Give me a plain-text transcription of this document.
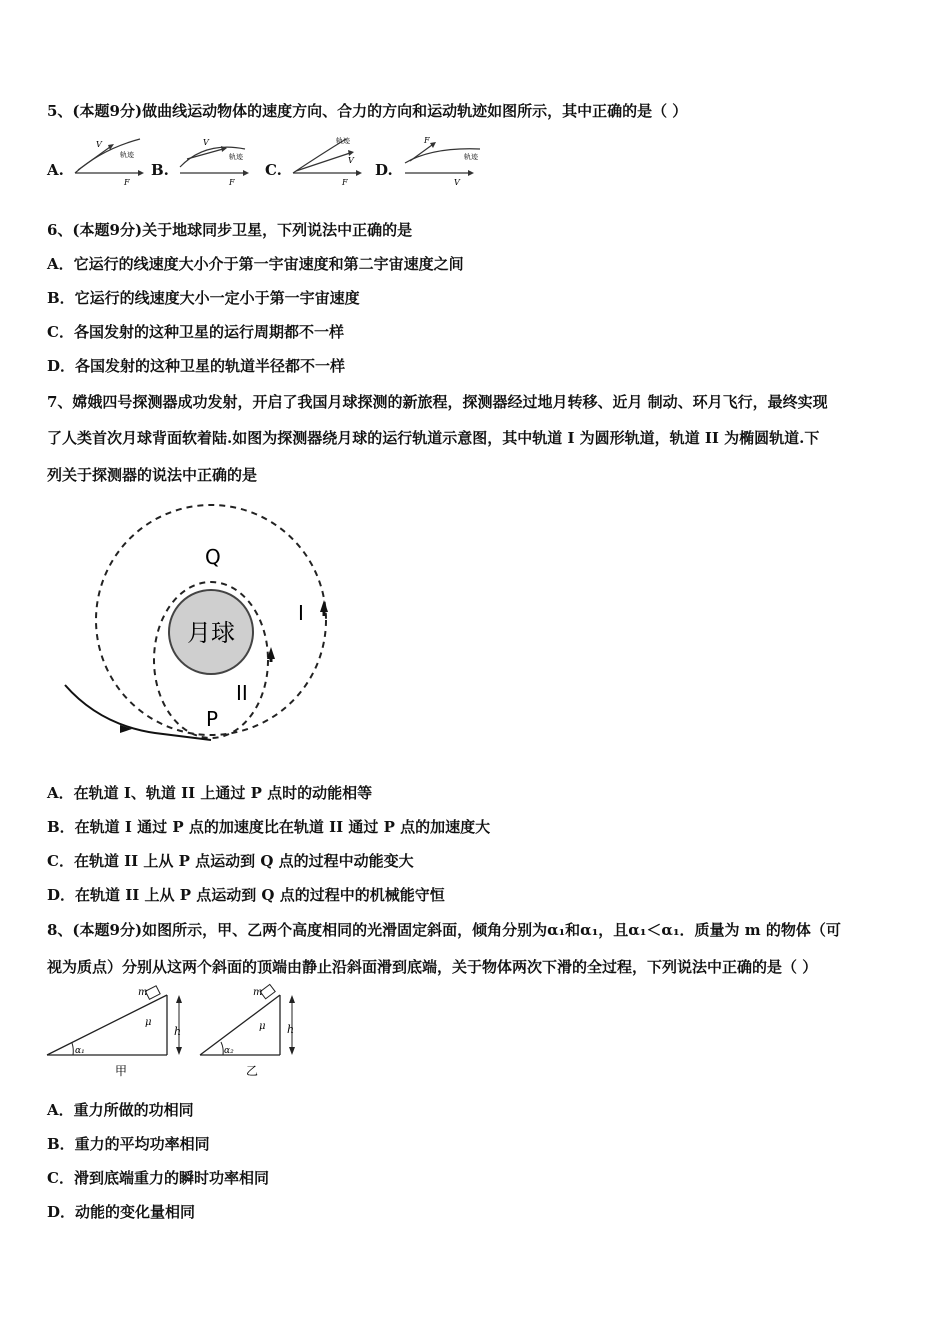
5、(本题9分)做曲线运动物体的速度方向、合力的方向和运动轨迹如图所示，其中正确的是（ ）
A.
V
轨迹
F
B.
V
轨迹
F
C.
轨迹
V
F
D.
F
轨迹
V
6、(本题9分)关于地球同步卫星，下列说法中正确的是
A．它运行的线速度大小介于第一宇宙速度和第二宇宙速度之间
B．它运行的线速度大小一定小于第一宇宙速度
C．各国发射的这种卫星的运行周期都不一样
D．各国发射的这种卫星的轨道半径都不一样
7、嫦娥四号探测器成功发射，开启了我国月球探测的新旅程，探测器经过地月转移、近月 制动、环月飞行，最终实现
了人类首次月球背面软着陆.如图为探测器绕月球的运行轨道示意图，其中轨道 I 为圆形轨道，轨道 II 为椭圆轨道.下
列关于探测器的说法中正确的是
月球
Q
P
I
II
A．在轨道 I、轨道 II 上通过 P 点时的动能相等
B．在轨道 I 通过 P 点的加速度比在轨道 II 通过 P 点的加速度大
C．在轨道 II 上从 P 点运动到 Q 点的过程中动能变大
D．在轨道 II 上从 P 点运动到 Q 点的过程中的机械能守恒
8、(本题9分)如图所示，甲、乙两个高度相同的光滑固定斜面，倾角分别为α₁和α₁，且α₁＜α₁．质量为 m 的物体（可
视为质点）分别从这两个斜面的顶端由静止沿斜面滑到底端，关于物体两次下滑的全过程，下列说法中正确的是（ ）
m
μ
h
α₁
甲
m
μ h
α₂
乙
A．重力所做的功相同
B．重力的平均功率相同
C．滑到底端重力的瞬时功率相同
D．动能的变化量相同
